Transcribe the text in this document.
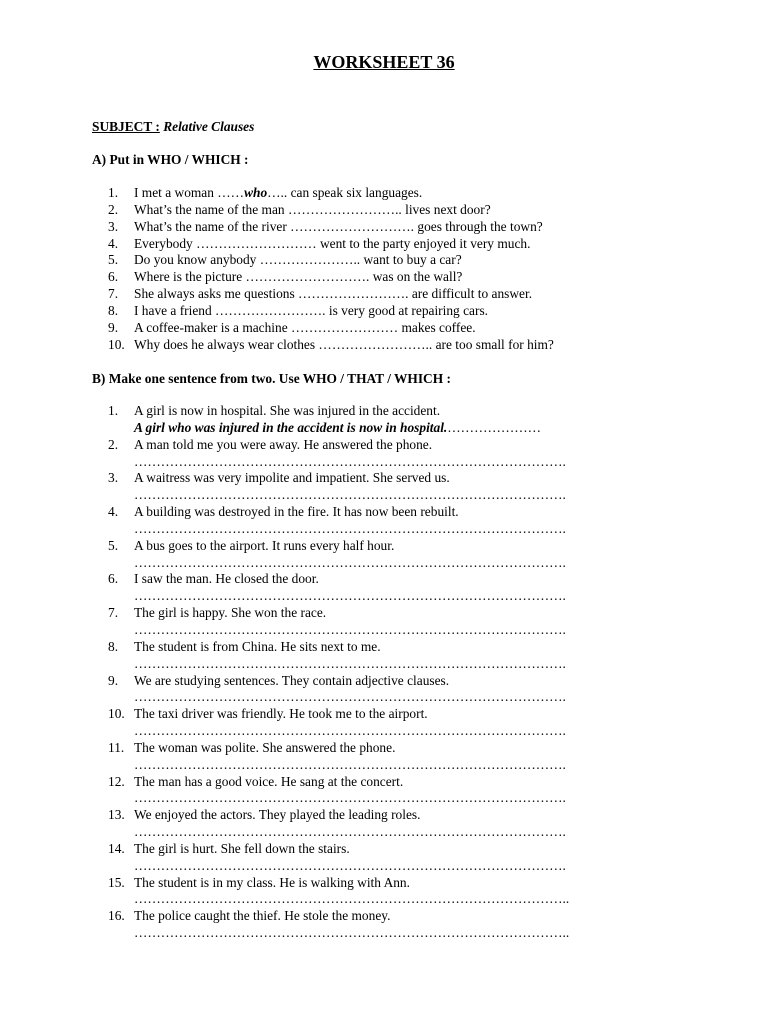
WORKSHEET 36
SUBJECT : Relative Clauses
A) Put in WHO / WHICH :
1.	I met a woman ……who….. can speak six languages.
2.	What’s the name of the man …………………….. lives next door?
3.	What’s the name of the river ………………………. goes through the town?
4.	Everybody ……………………… went to the party enjoyed it very much.
5.	Do you know anybody ………………….. want to buy a car?
6.	Where is the picture ………………………. was on the wall?
7.	She always asks me questions ……………………. are difficult to answer.
8.	I have a friend ……………………. is very good at repairing cars.
9.	A coffee-maker is a machine …………………… makes coffee.
10. Why does he always wear clothes …………………….. are too small for him?
B) Make one sentence from two. Use WHO / THAT / WHICH :
1.	A girl is now in hospital. She was injured in the accident.
A girl who was injured in the accident is now in hospital.…………………
2.	A man told me you were away. He answered the phone.
…………………………………………………………………………………….
3.	A waitress was very impolite and impatient. She served us.
…………………………………………………………………………………….
4.	A building was destroyed in the fire. It has now been rebuilt.
…………………………………………………………………………………….
5.	A bus goes to the airport. It runs every half hour.
…………………………………………………………………………………….
6.	I saw the man. He closed the door.
…………………………………………………………………………………….
7.	The girl is happy. She won the race.
…………………………………………………………………………………….
8.	The student is from China. He sits next to me.
…………………………………………………………………………………….
9.	We are studying sentences. They contain adjective clauses.
…………………………………………………………………………………….
10. The taxi driver was friendly. He took me to the airport.
…………………………………………………………………………………….
11. The woman was polite. She answered the phone.
…………………………………………………………………………………….
12. The man has a good voice. He sang at the concert.
…………………………………………………………………………………….
13. We enjoyed the actors. They played the leading roles.
…………………………………………………………………………………….
14. The girl is hurt. She fell down the stairs.
…………………………………………………………………………………….
15. The student is in my class. He is walking with Ann.
……………………………………………………………………………………..
16. The police caught the thief. He stole the money.
……………………………………………………………………………………..
